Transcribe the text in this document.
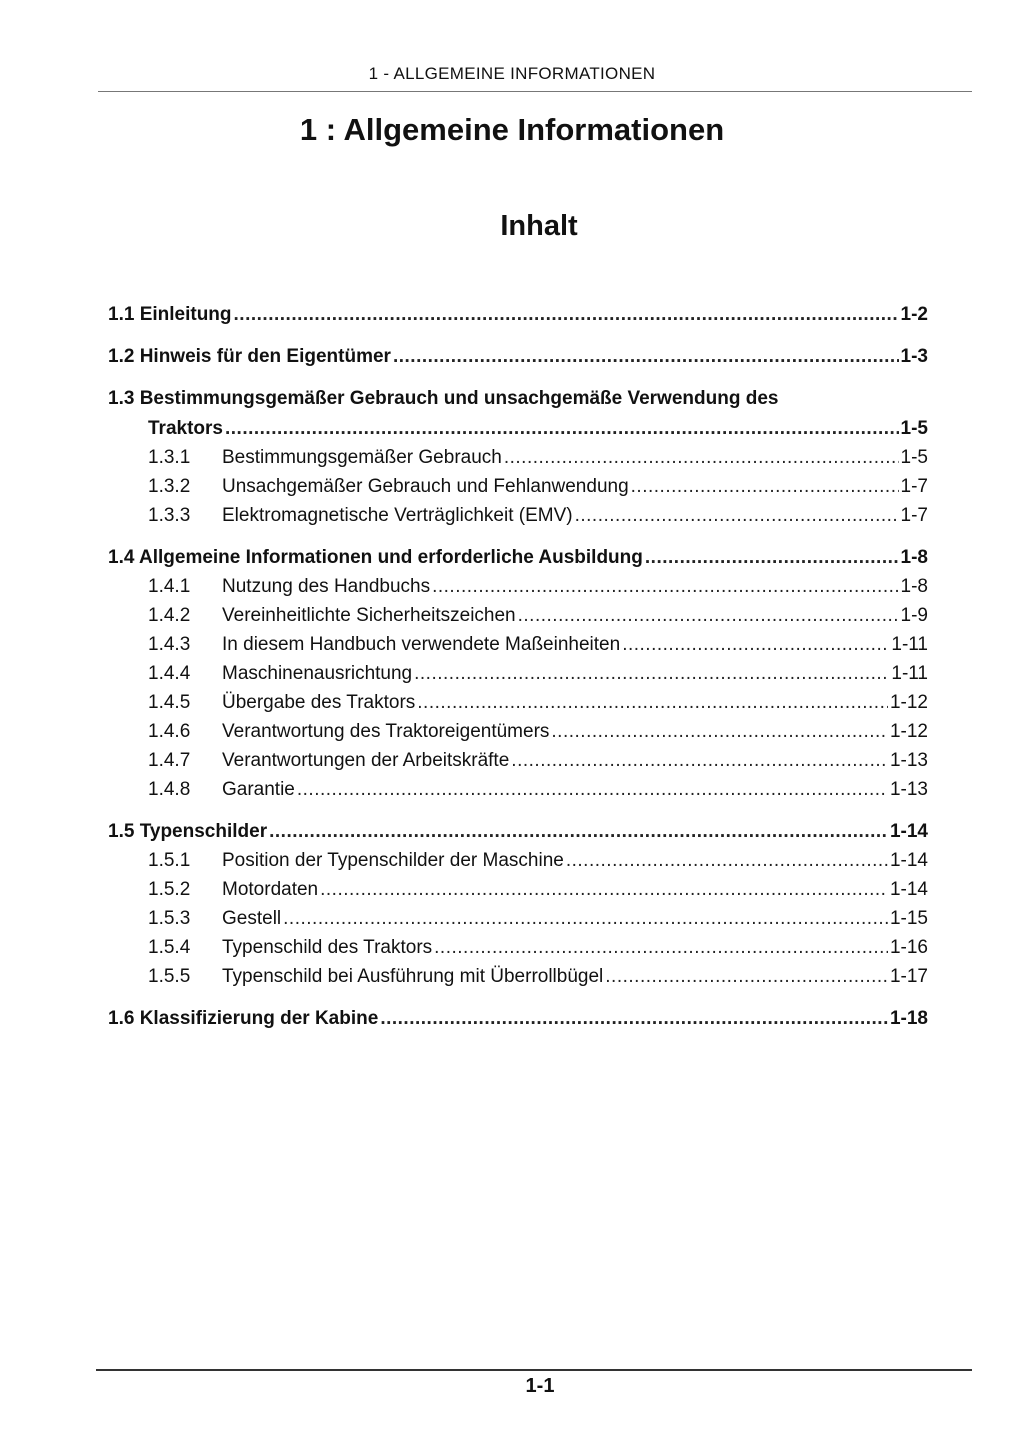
1 - ALLGEMEINE INFORMATIONEN
1 : Allgemeine Informationen
Inhalt
1.1 Einleitung .....	1-2
1.2 Hinweis für den Eigentümer .....	1-3
1.3 Bestimmungsgemäßer Gebrauch und unsachgemäße Verwendung des
Traktors .....	1-5
1.3.1	Bestimmungsgemäßer Gebrauch .....	1-5
1.3.2	Unsachgemäßer Gebrauch und Fehlanwendung .....	1-7
1.3.3	Elektromagnetische Verträglichkeit (EMV) .....	1-7
1.4 Allgemeine Informationen und erforderliche Ausbildung .....	1-8
1.4.1	Nutzung des Handbuchs .....	1-8
1.4.2	Vereinheitlichte Sicherheitszeichen .....	1-9
1.4.3	In diesem Handbuch verwendete Maßeinheiten .....	1-11
1.4.4	Maschinenausrichtung .....	1-11
1.4.5	Übergabe des Traktors .....	1-12
1.4.6	Verantwortung des Traktoreigentümers .....	1-12
1.4.7	Verantwortungen der Arbeitskräfte .....	1-13
1.4.8	Garantie .....	1-13
1.5 Typenschilder .....	1-14
1.5.1	Position der Typenschilder der Maschine .....	1-14
1.5.2	Motordaten .....	1-14
1.5.3	Gestell .....	1-15
1.5.4	Typenschild des Traktors .....	1-16
1.5.5	Typenschild bei Ausführung mit Überrollbügel .....	1-17
1.6 Klassifizierung der Kabine .....	1-18
1-1
